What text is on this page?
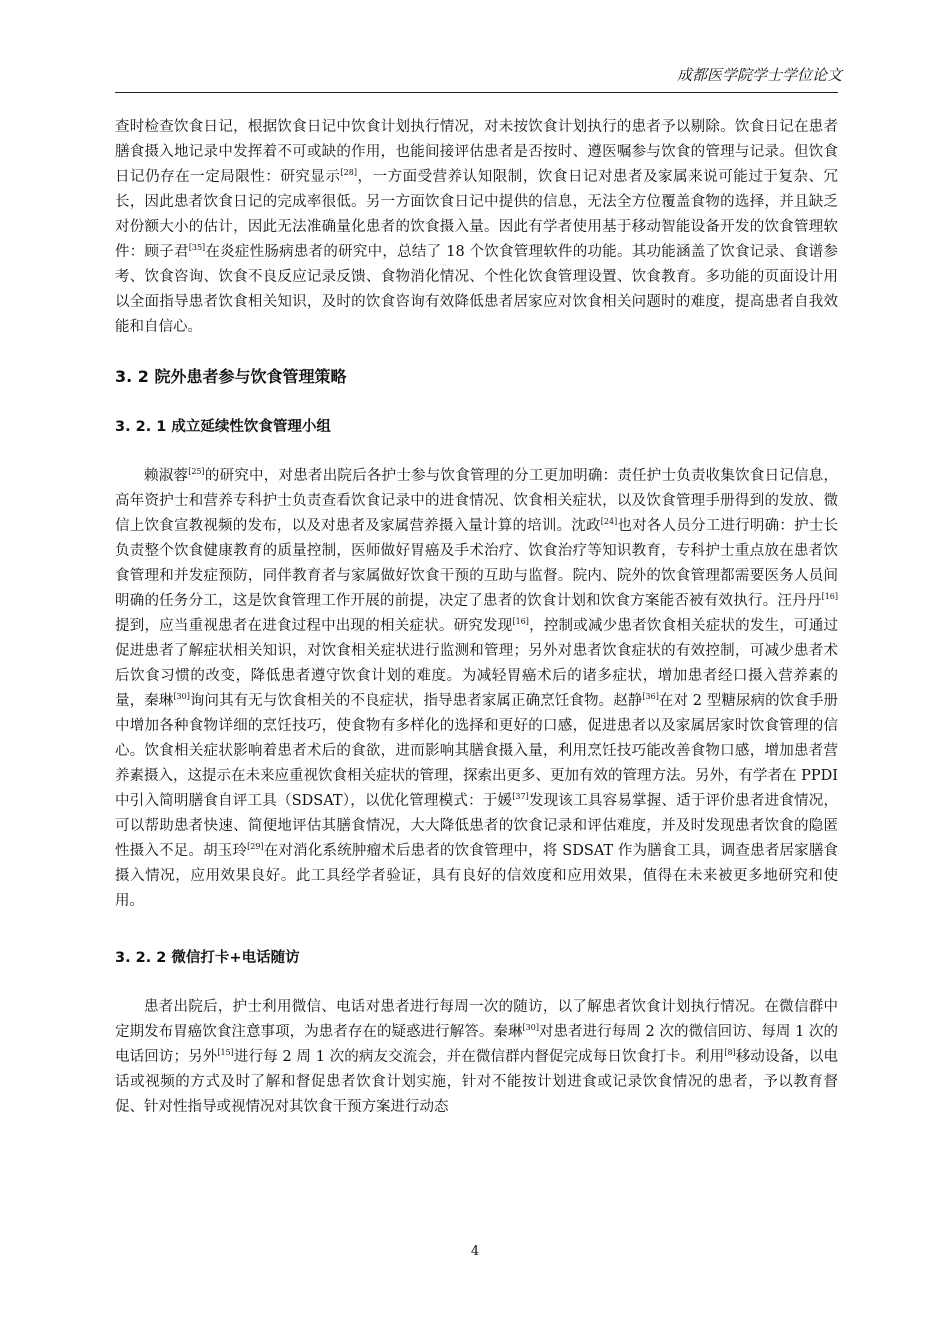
成都医学院学士学位论文

查时检查饮食日记，根据饮食日记中饮食计划执行情况，对未按饮食计划执行的患者予以剔除。饮食日记在患者膳食摄入地记录中发挥着不可或缺的作用，也能间接评估患者是否按时、遵医嘱参与饮食的管理与记录。但饮食日记仍存在一定局限性：研究显示[28]，一方面受营养认知限制，饮食日记对患者及家属来说可能过于复杂、冗长，因此患者饮食日记的完成率很低。另一方面饮食日记中提供的信息，无法全方位覆盖食物的选择，并且缺乏对份额大小的估计，因此无法准确量化患者的饮食摄入量。因此有学者使用基于移动智能设备开发的饮食管理软件：顾子君[35]在炎症性肠病患者的研究中，总结了 18 个饮食管理软件的功能。其功能涵盖了饮食记录、食谱参考、饮食咨询、饮食不良反应记录反馈、食物消化情况、个性化饮食管理设置、饮食教育。多功能的页面设计用以全面指导患者饮食相关知识，及时的饮食咨询有效降低患者居家应对饮食相关问题时的难度，提高患者自我效能和自信心。

3. 2 院外患者参与饮食管理策略
3. 2. 1 成立延续性饮食管理小组

赖淑蓉[25]的研究中，对患者出院后各护士参与饮食管理的分工更加明确：责任护士负责收集饮食日记信息，高年资护士和营养专科护士负责查看饮食记录中的进食情况、饮食相关症状，以及饮食管理手册得到的发放、微信上饮食宣教视频的发布，以及对患者及家属营养摄入量计算的培训。沈政[24]也对各人员分工进行明确：护士长负责整个饮食健康教育的质量控制，医师做好胃癌及手术治疗、饮食治疗等知识教育，专科护士重点放在患者饮食管理和并发症预防，同伴教育者与家属做好饮食干预的互助与监督。院内、院外的饮食管理都需要医务人员间明确的任务分工，这是饮食管理工作开展的前提，决定了患者的饮食计划和饮食方案能否被有效执行。汪丹丹[16]提到，应当重视患者在进食过程中出现的相关症状。研究发现[16]，控制或减少患者饮食相关症状的发生，可通过促进患者了解症状相关知识，对饮食相关症状进行监测和管理；另外对患者饮食症状的有效控制，可减少患者术后饮食习惯的改变，降低患者遵守饮食计划的难度。为减轻胃癌术后的诸多症状，增加患者经口摄入营养素的量，秦琳[30]询问其有无与饮食相关的不良症状，指导患者家属正确烹饪食物。赵静[36]在对 2 型糖尿病的饮食手册中增加各种食物详细的烹饪技巧，使食物有多样化的选择和更好的口感，促进患者以及家属居家时饮食管理的信心。饮食相关症状影响着患者术后的食欲，进而影响其膳食摄入量，利用烹饪技巧能改善食物口感，增加患者营养素摄入，这提示在未来应重视饮食相关症状的管理，探索出更多、更加有效的管理方法。另外，有学者在 PPDI 中引入简明膳食自评工具（SDSAT），以优化管理模式：于媛[37]发现该工具容易掌握、适于评价患者进食情况，可以帮助患者快速、简便地评估其膳食情况，大大降低患者的饮食记录和评估难度，并及时发现患者饮食的隐匿性摄入不足。胡玉玲[29]在对消化系统肿瘤术后患者的饮食管理中，将 SDSAT 作为膳食工具，调查患者居家膳食摄入情况，应用效果良好。此工具经学者验证，具有良好的信效度和应用效果，值得在未来被更多地研究和使用。

3. 2. 2 微信打卡+电话随访

患者出院后，护士利用微信、电话对患者进行每周一次的随访，以了解患者饮食计划执行情况。在微信群中定期发布胃癌饮食注意事项，为患者存在的疑惑进行解答。秦琳[30]对患者进行每周 2 次的微信回访、每周 1 次的电话回访；另外[15]进行每 2 周 1 次的病友交流会，并在微信群内督促完成每日饮食打卡。利用[8]移动设备，以电话或视频的方式及时了解和督促患者饮食计划实施，针对不能按计划进食或记录饮食情况的患者，予以教育督促、针对性指导或视情况对其饮食干预方案进行动态

4
